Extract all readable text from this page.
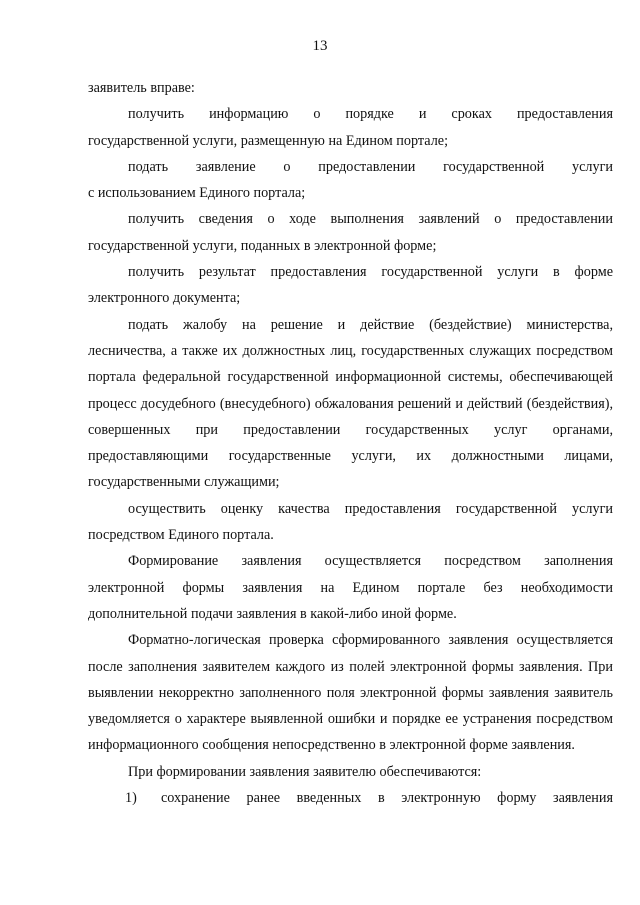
13

заявитель вправе:

получить информацию о порядке и сроках предоставления
государственной услуги, размещенную на Едином портале;

подать заявление о предоставлении государственной услуги
с использованием Единого портала;

получить сведения о ходе выполнения заявлений о предоставлении
государственной услуги, поданных в электронной форме;

получить результат предоставления государственной услуги в форме
электронного документа;

подать жалобу на решение и действие (бездействие) министерства, лесничества, а также их должностных лиц, государственных служащих посредством портала федеральной государственной информационной системы, обеспечивающей процесс досудебного (внесудебного) обжалования решений и действий (бездействия), совершенных при предоставлении государственных услуг органами, предоставляющими государственные услуги, их должностными лицами, государственными служащими;

осуществить оценку качества предоставления государственной услуги посредством Единого портала.

Формирование заявления осуществляется посредством заполнения электронной формы заявления на Едином портале без необходимости дополнительной подачи заявления в какой-либо иной форме.

Форматно-логическая проверка сформированного заявления осуществляется после заполнения заявителем каждого из полей электронной формы заявления. При выявлении некорректно заполненного поля электронной формы заявления заявитель уведомляется о характере выявленной ошибки и порядке ее устранения посредством информационного сообщения непосредственно в электронной форме заявления.

При формировании заявления заявителю обеспечиваются:

1)	сохранение ранее введенных в электронную форму заявления
